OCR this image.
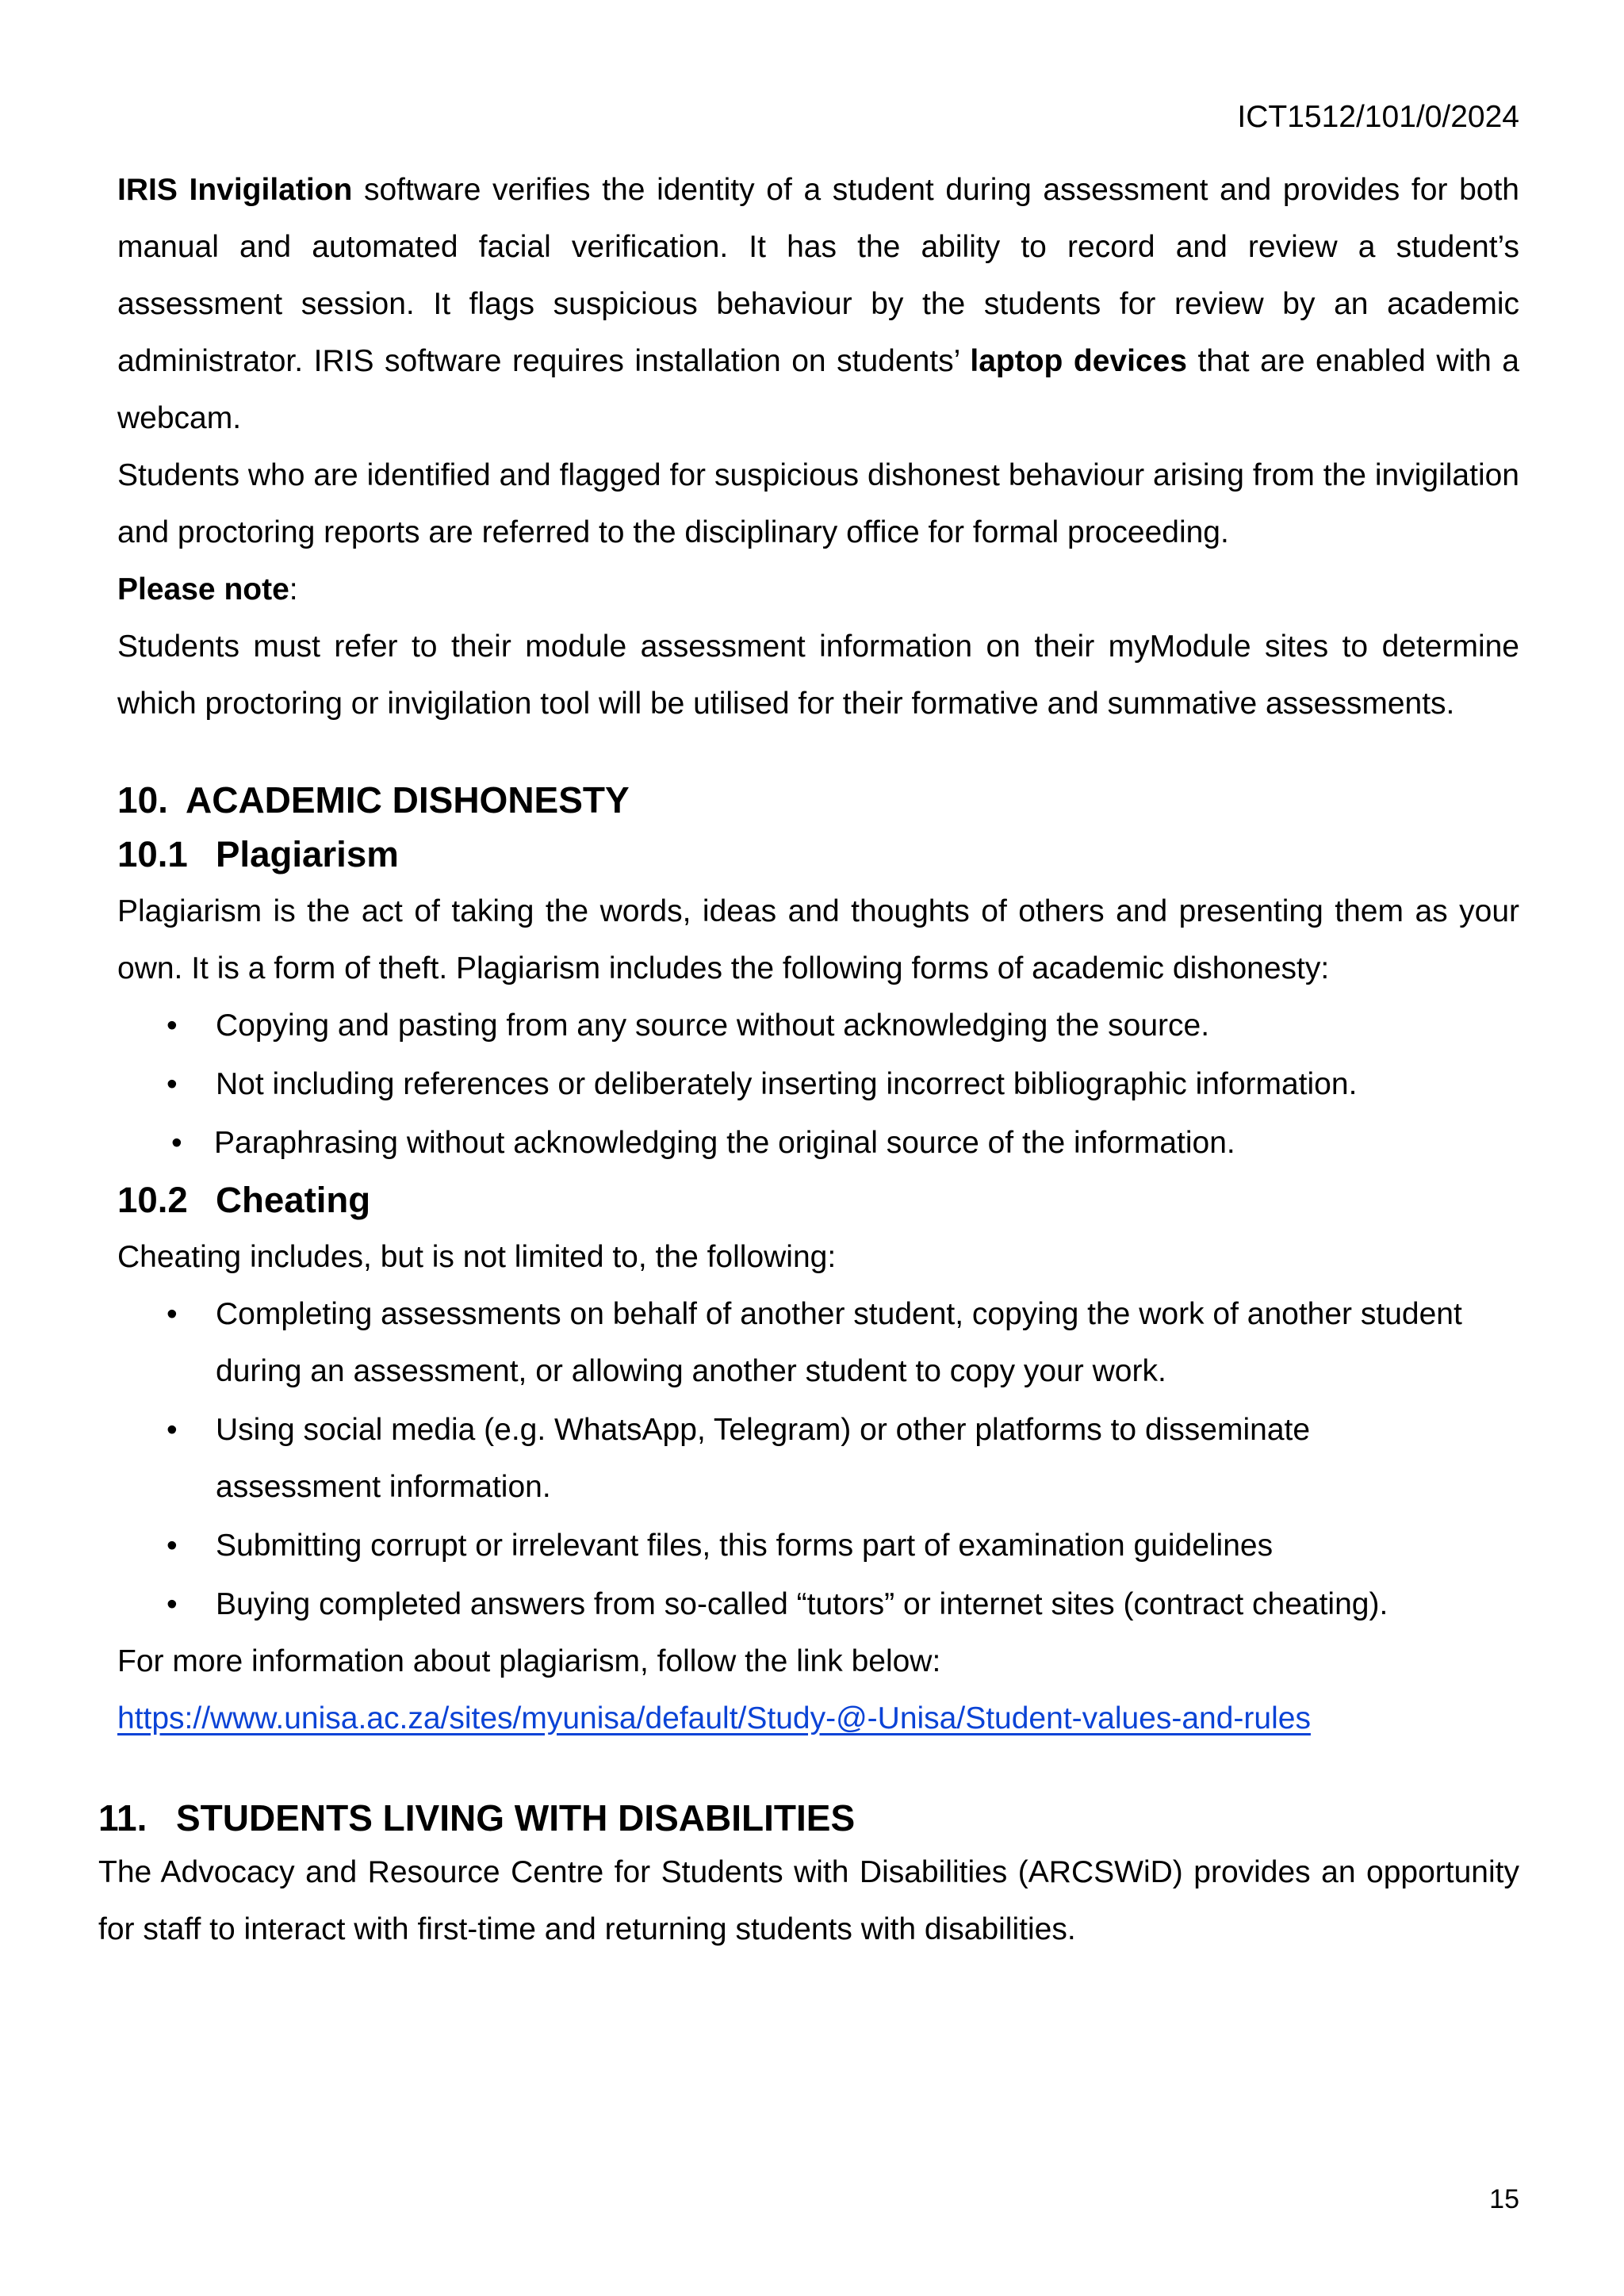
ICT1512/101/0/2024

IRIS Invigilation software verifies the identity of a student during assessment and provides for both manual and automated facial verification. It has the ability to record and review a student’s assessment session. It flags suspicious behaviour by the students for review by an academic administrator. IRIS software requires installation on students’ laptop devices that are enabled with a webcam.

Students who are identified and flagged for suspicious dishonest behaviour arising from the invigilation and proctoring reports are referred to the disciplinary office for formal proceeding.

Please note:

Students must refer to their module assessment information on their myModule sites to determine which proctoring or invigilation tool will be utilised for their formative and summative assessments.

10. ACADEMIC DISHONESTY
10.1 Plagiarism

Plagiarism is the act of taking the words, ideas and thoughts of others and presenting them as your own. It is a form of theft. Plagiarism includes the following forms of academic dishonesty:

• Copying and pasting from any source without acknowledging the source.
• Not including references or deliberately inserting incorrect bibliographic information.
• Paraphrasing without acknowledging the original source of the information.
10.2 Cheating

Cheating includes, but is not limited to, the following:

• Completing assessments on behalf of another student, copying the work of another student during an assessment, or allowing another student to copy your work.
• Using social media (e.g. WhatsApp, Telegram) or other platforms to disseminate assessment information.
• Submitting corrupt or irrelevant files, this forms part of examination guidelines
• Buying completed answers from so-called “tutors” or internet sites (contract cheating).

For more information about plagiarism, follow the link below:

https://www.unisa.ac.za/sites/myunisa/default/Study-@-Unisa/Student-values-and-rules

11. STUDENTS LIVING WITH DISABILITIES

The Advocacy and Resource Centre for Students with Disabilities (ARCSWiD) provides an opportunity for staff to interact with first-time and returning students with disabilities.

15
